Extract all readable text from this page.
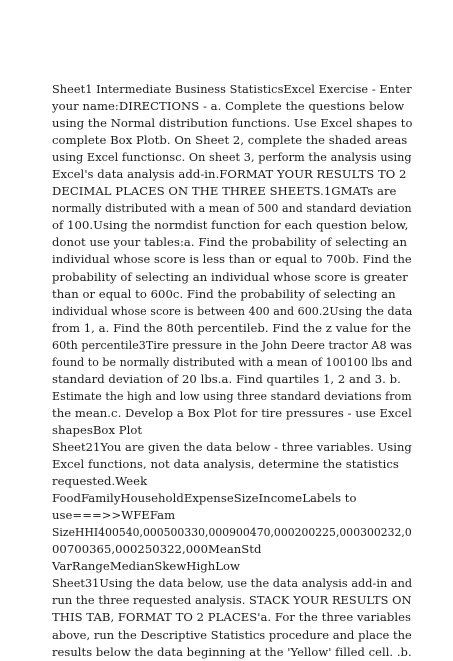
Sheet1 Intermediate Business StatisticsExcel Exercise - Enter
your name:DIRECTIONS - a. Complete the questions below
using the Normal distribution functions. Use Excel shapes to
complete Box Plotb. On Sheet 2, complete the shaded areas
using Excel functionsc. On sheet 3, perform the analysis using
Excel's data analysis add-in.FORMAT YOUR RESULTS TO 2
DECIMAL PLACES ON THE THREE SHEETS.1GMATs are
normally distributed with a mean of 500 and standard deviation
of 100.Using the normdist function for each question below,
donot use your tables:a. Find the probability of selecting an
individual whose score is less than or equal to 700b. Find the
probability of selecting an individual whose score is greater
than or equal to 600c. Find the probability of selecting an
individual whose score is between 400 and 600.2Using the data
from 1, a. Find the 80th percentileb. Find the z value for the
60th percentile3Tire pressure in the John Deere tractor A8 was
found to be normally distributed with a mean of 100100 lbs and
standard deviation of 20 lbs.a. Find quartiles 1, 2 and 3. b.
Estimate the high and low using three standard deviations from
the mean.c. Develop a Box Plot for tire pressures - use Excel
shapesBox Plot
Sheet21You are given the data below - three variables. Using
Excel functions, not data analysis, determine the statistics
requested.Week
FoodFamilyHouseholdExpenseSizeIncomeLabels to
use===>>WFEFam
SizeHHI400540,000500330,000900470,000200225,000300232,0
00700365,000250322,000MeanStd
VarRangeMedianSkewHighLow
Sheet31Using the data below, use the data analysis add-in and
run the three requested analysis. STACK YOUR RESULTS ON
THIS TAB, FORMAT TO 2 PLACES'a. For the three variables
above, run the Descriptive Statistics procedure and place the
results below the data beginning at the 'Yellow' filled cell. .b.
